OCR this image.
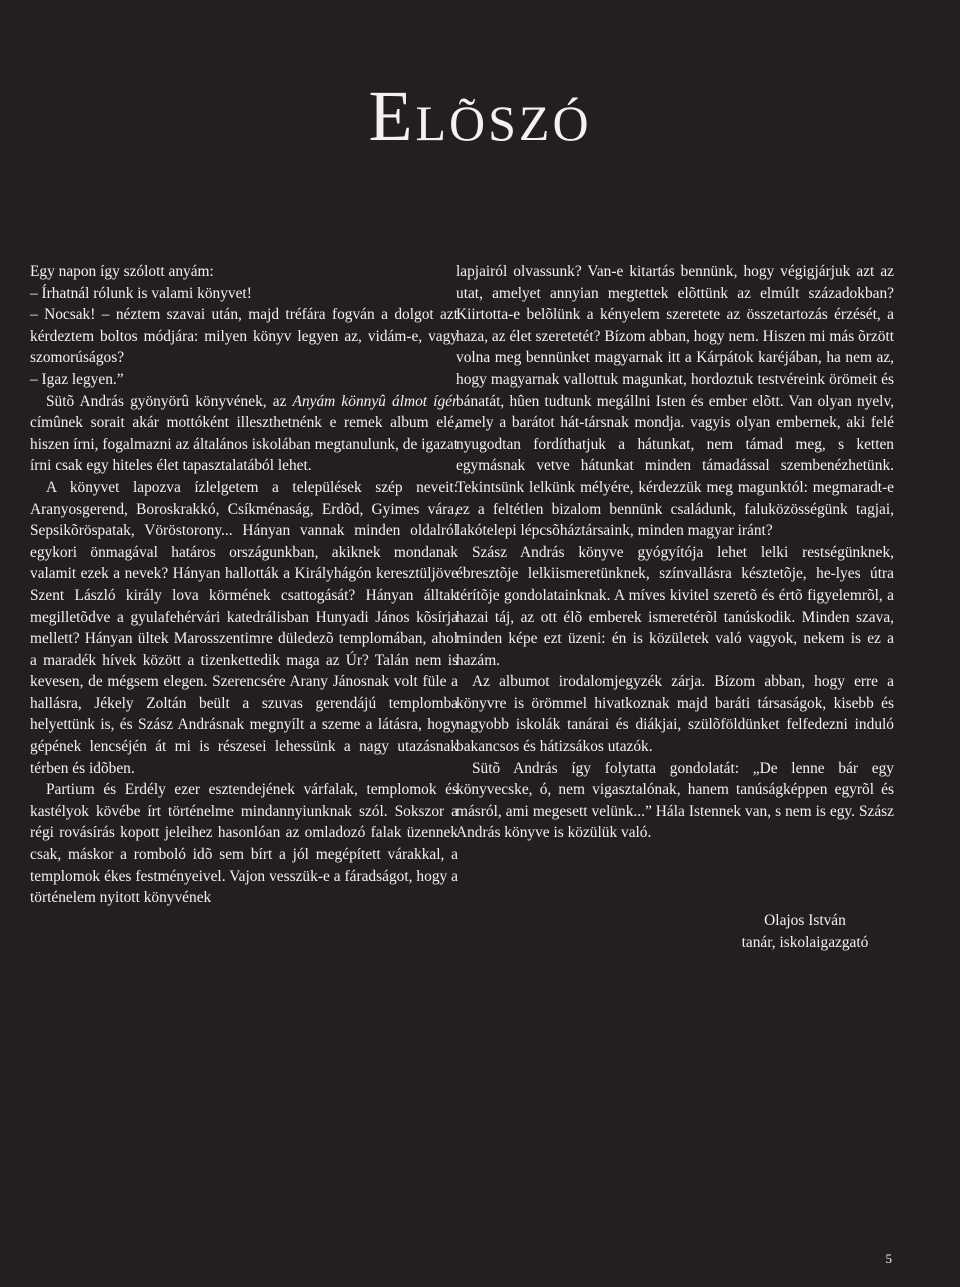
ELÕSZÓ

Egy napon így szólott anyám:

– Írhatnál rólunk is valami könyvet!

– Nocsak! – néztem szavai után, majd tréfára fogván a dolgot azt kérdeztem boltos módjára: milyen könyv legyen az, vidám-e, vagy szomorúságos?

– Igaz legyen.”

Sütõ András gyönyörû könyvének, az Anyám könnyû álmot ígér címûnek sorait akár mottóként illeszthetnénk e remek album elé, hiszen írni, fogalmazni az általános iskolában megtanulunk, de igazat írni csak egy hiteles élet tapasztalatából lehet.

A könyvet lapozva ízlelgetem a települések szép neveit: Aranyosgerend, Boroskrakkó, Csíkménaság, Erdõd, Gyimes vára, Sepsikõröspatak, Vöröstorony... Hányan vannak minden oldalról egykori önmagával határos országunkban, akiknek mondanak valamit ezek a nevek? Hányan hallották a Királyhágón keresztüljöve Szent László király lova körmének csattogását? Hányan álltak megilletõdve a gyulafehérvári katedrálisban Hunyadi János kõsírja mellett? Hányan ültek Marosszentimre düledezõ templomában, ahol a maradék hívek között a tizenkettedik maga az Úr? Talán nem is kevesen, de mégsem elegen. Szerencsére Arany Jánosnak volt füle a hallásra, Jékely Zoltán beült a szuvas gerendájú templomba helyettünk is, és Szász Andrásnak megnyílt a szeme a látásra, hogy gépének lencséjén át mi is részesei lehessünk a nagy utazásnak térben és idõben.

Partium és Erdély ezer esztendejének várfalak, templomok és kastélyok kövébe írt történelme mindannyiunknak szól. Sokszor a régi rovásírás kopott jeleihez hasonlóan az omladozó falak üzennek csak, máskor a romboló idõ sem bírt a jól megépített várakkal, a templomok ékes festményeivel. Vajon vesszük-e a fáradságot, hogy a történelem nyitott könyvének

lapjairól olvassunk? Van-e kitartás bennünk, hogy végigjárjuk azt az utat, amelyet annyian megtettek elõttünk az elmúlt századokban? Kiirtotta-e belõlünk a kényelem szeretete az összetartozás érzését, a haza, az élet szeretetét? Bízom abban, hogy nem. Hiszen mi más õrzött volna meg bennünket magyarnak itt a Kárpátok karéjában, ha nem az, hogy magyarnak vallottuk magunkat, hordoztuk testvéreink örömeit és bánatát, hûen tudtunk megállni Isten és ember elõtt. Van olyan nyelv, amely a barátot hát-társnak mondja. vagyis olyan embernek, aki felé nyugodtan fordíthatjuk a hátunkat, nem támad meg, s ketten egymásnak vetve hátunkat minden támadással szembenézhetünk. Tekintsünk lelkünk mélyére, kérdezzük meg magunktól: megmaradt-e ez a feltétlen bizalom bennünk családunk, faluközösségünk tagjai, lakótelepi lépcsõháztársaink, minden magyar iránt?

Szász András könyve gyógyítója lehet lelki restségünknek, ébresztõje lelkiismeretünknek, színvallásra késztetõje, he-lyes útra térítõje gondolatainknak. A míves kivitel szeretõ és értõ figyelemrõl, a hazai táj, az ott élõ emberek ismeretérõl tanúskodik. Minden szava, minden képe ezt üzeni: én is közületek való vagyok, nekem is ez a hazám.

Az albumot irodalomjegyzék zárja. Bízom abban, hogy erre a könyvre is örömmel hivatkoznak majd baráti társaságok, kisebb és nagyobb iskolák tanárai és diákjai, szülõföldünket felfedezni induló bakancsos és hátizsákos utazók.

Sütõ András így folytatta gondolatát: „De lenne bár egy könyvecske, ó, nem vigasztalónak, hanem tanúságképpen egyrõl és másról, ami megesett velünk...” Hála Istennek van, s nem is egy. Szász András könyve is közülük való.

Olajos István
tanár, iskolaigazgató
5
